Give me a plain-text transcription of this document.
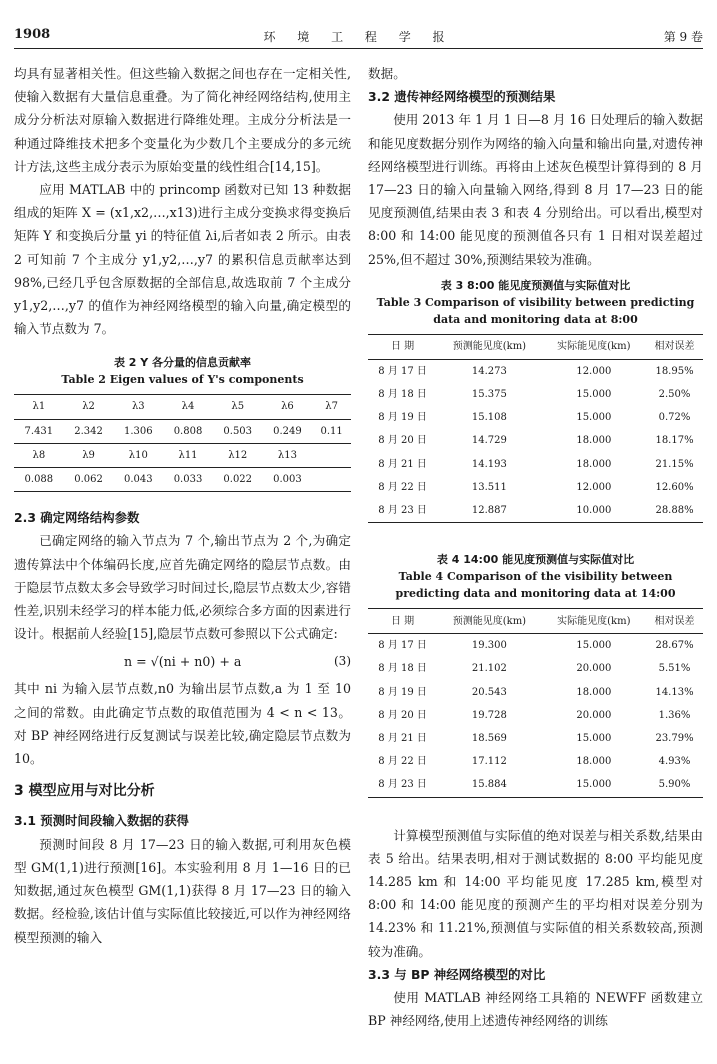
1908	环 境 工 程 学 报	第 9 卷

均具有显著相关性。但这些输入数据之间也存在一定相关性,使输入数据有大量信息重叠。为了简化神经网络结构,使用主成分分析法对原输入数据进行降维处理。主成分分析法是一种通过降维技术把多个变量化为少数几个主要成分的多元统计方法,这些主成分表示为原始变量的线性组合[14,15]。

应用 MATLAB 中的 princomp 函数对已知 13 种数据组成的矩阵 X = (x1,x2,…,x13)进行主成分变换求得变换后矩阵 Y 和变换后分量 yi 的特征值 λi,后者如表 2 所示。由表 2 可知前 7 个主成分 y1,y2,…,y7 的累积信息贡献率达到 98%,已经几乎包含原数据的全部信息,故选取前 7 个主成分 y1,y2,…,y7 的值作为神经网络模型的输入向量,确定模型的输入节点数为 7。

表 2 Y 各分量的信息贡献率
Table 2 Eigen values of Y's components
λ1	λ2	λ3	λ4	λ5	λ6	λ7
7.431	2.342	1.306	0.808	0.503	0.249	0.11
λ8	λ9	λ10	λ11	λ12	λ13	
0.088	0.062	0.043	0.033	0.022	0.003	
2.3 确定网络结构参数

已确定网络的输入节点为 7 个,输出节点为 2 个,为确定遗传算法中个体编码长度,应首先确定网络的隐层节点数。由于隐层节点数太多会导致学习时间过长,隐层节点数太少,容错性差,识别未经学习的样本能力低,必须综合多方面的因素进行设计。根据前人经验[15],隐层节点数可参照以下公式确定:

n = √(ni + n0) + a	(3)

其中 ni 为输入层节点数,n0 为输出层节点数,a 为 1 至 10 之间的常数。由此确定节点数的取值范围为 4 < n < 13。对 BP 神经网络进行反复测试与误差比较,确定隐层节点数为 10。

3 模型应用与对比分析
3.1 预测时间段输入数据的获得

预测时间段 8 月 17—23 日的输入数据,可利用灰色模型 GM(1,1)进行预测[16]。本实验利用 8 月 1—16 日的已知数据,通过灰色模型 GM(1,1)获得 8 月 17—23 日的输入数据。经检验,该估计值与实际值比较接近,可以作为神经网络模型预测的输入

数据。

3.2 遗传神经网络模型的预测结果

使用 2013 年 1 月 1 日—8 月 16 日处理后的输入数据和能见度数据分别作为网络的输入向量和输出向量,对遗传神经网络模型进行训练。再将由上述灰色模型计算得到的 8 月 17—23 日的输入向量输入网络,得到 8 月 17—23 日的能见度预测值,结果由表 3 和表 4 分别给出。可以看出,模型对 8:00 和 14:00 能见度的预测值各只有 1 日相对误差超过 25%,但不超过 30%,预测结果较为准确。

表 3 8:00 能见度预测值与实际值对比
Table 3 Comparison of visibility between predicting
data and monitoring data at 8:00
日 期	预测能见度(km)	实际能见度(km)	相对误差
8 月 17 日	14.273	12.000	18.95%
8 月 18 日	15.375	15.000	2.50%
8 月 19 日	15.108	15.000	0.72%
8 月 20 日	14.729	18.000	18.17%
8 月 21 日	14.193	18.000	21.15%
8 月 22 日	13.511	12.000	12.60%
8 月 23 日	12.887	10.000	28.88%
表 4 14:00 能见度预测值与实际值对比
Table 4 Comparison of the visibility between
predicting data and monitoring data at 14:00
日 期	预测能见度(km)	实际能见度(km)	相对误差
8 月 17 日	19.300	15.000	28.67%
8 月 18 日	21.102	20.000	5.51%
8 月 19 日	20.543	18.000	14.13%
8 月 20 日	19.728	20.000	1.36%
8 月 21 日	18.569	15.000	23.79%
8 月 22 日	17.112	18.000	4.93%
8 月 23 日	15.884	15.000	5.90%

计算模型预测值与实际值的绝对误差与相关系数,结果由表 5 给出。结果表明,相对于测试数据的 8:00 平均能见度 14.285 km 和 14:00 平均能见度 17.285 km,模型对 8:00 和 14:00 能见度的预测产生的平均相对误差分别为 14.23% 和 11.21%,预测值与实际值的相关系数较高,预测较为准确。

3.3 与 BP 神经网络模型的对比

使用 MATLAB 神经网络工具箱的 NEWFF 函数建立 BP 神经网络,使用上述遗传神经网络的训练
